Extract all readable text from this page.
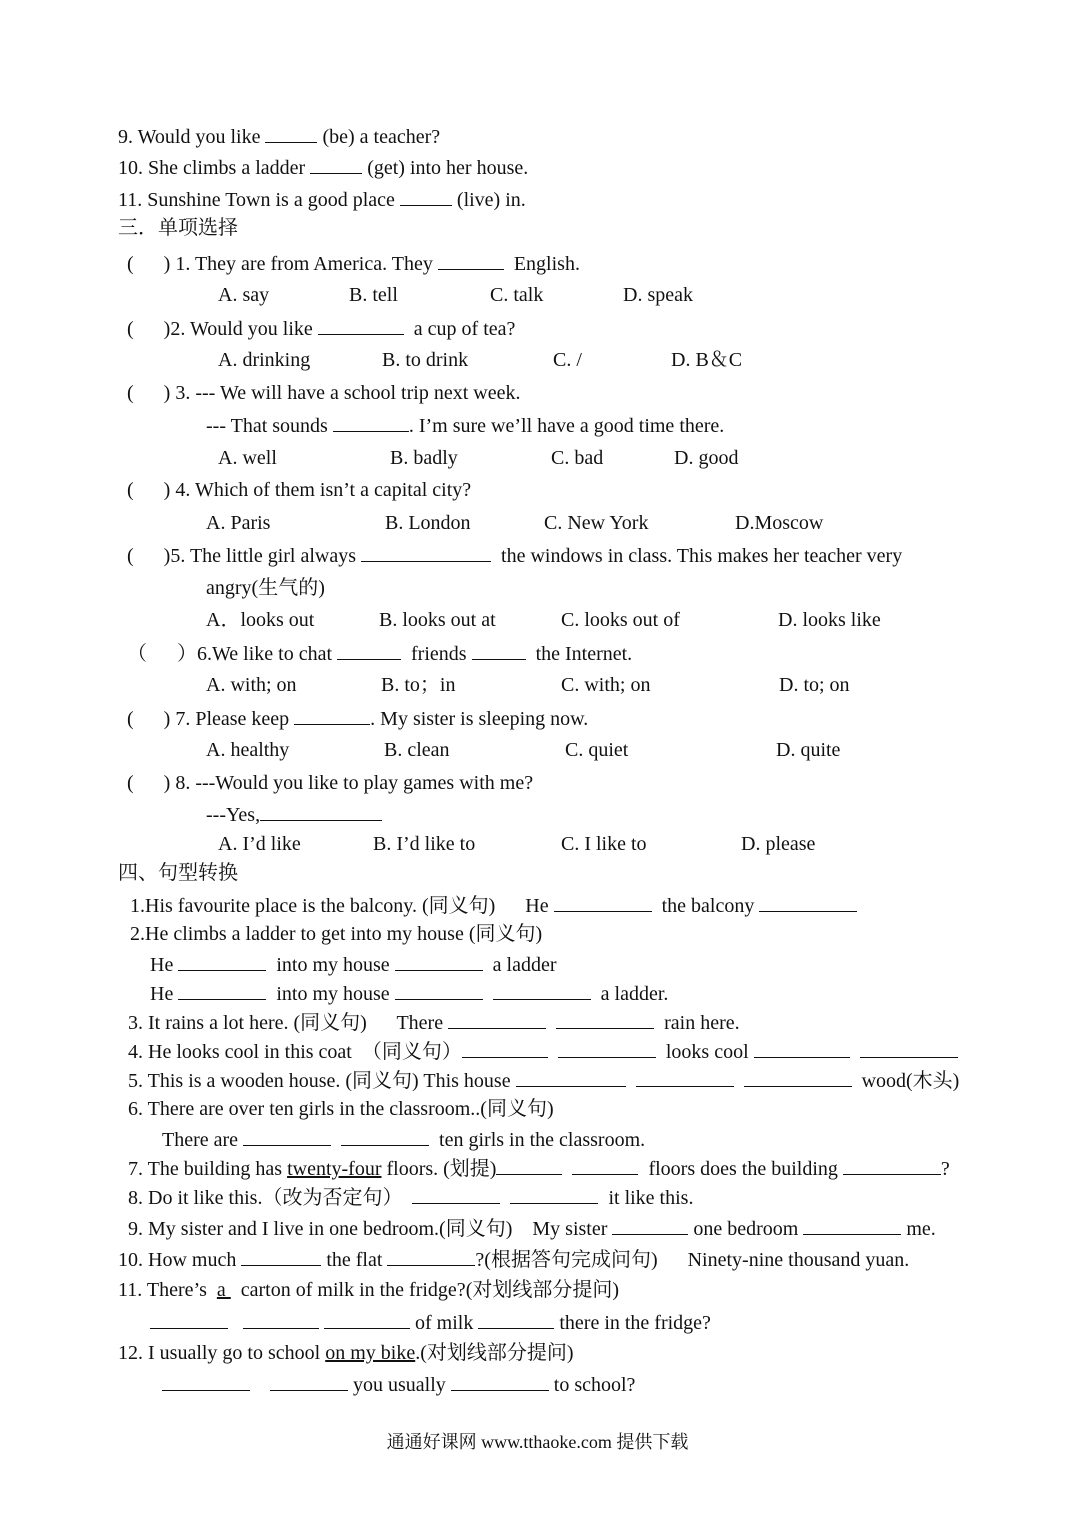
9. Would you like	(be) a teacher?
10. She climbs a ladder	(get) into her house.
11. Sunshine Town is a good place	(live) in.
三．单项选择
(      ) 1. They are from America. They	English.
A. say	B. tell	C. talk	D. speak
(      )2. Would you like	a cup of tea?
A. drinking	B. to drink	C. /	D. B＆C
(      ) 3. --- We will have a school trip next week.
--- That sounds	. I’m sure we’ll have a good time there.
A. well	B. badly	C. bad	D. good
(      ) 4. Which of them isn’t a capital city?
A. Paris	B. London	C. New York	D.Moscow
(      )5. The little girl always	the windows in class. This makes her teacher very
angry(生气的)
A．looks out	B. looks out at	C. looks out of	D. looks like
（      ）6.We like to chat	friends	the Internet.
A. with; on	B. to；in	C. with; on	D. to; on
(      ) 7. Please keep	. My sister is sleeping now.
A. healthy	B. clean	C. quiet	D. quite
(      ) 8. ---Would you like to play games with me?
---Yes,
A. I’d like	B. I’d like to	C. I like to	D. please
四、句型转换
1.His favourite place is the balcony. (同义句)      He	the balcony
2.He climbs a ladder to get into my house (同义句)
He	into my house	a ladder
He	into my house	a ladder.
3. It rains a lot here. (同义句)      There	rain here.
4. He looks cool in this coat  （同义句）	looks cool
5. This is a wooden house. (同义句) This house	wood(木头)
6. There are over ten girls in the classroom..(同义句)
There are	ten girls in the classroom.
7. The building has twenty-four floors. (划提)	floors does the building	?
8. Do it like this.（改为否定句）	it like this.
9. My sister and I live in one bedroom.(同义句)    My sister	one bedroom	me.
10. How much	the flat	?(根据答句完成问句)      Ninety-nine thousand yuan.
11. There’s  a   carton of milk in the fridge?(对划线部分提问)
of milk	there in the fridge?
12. I usually go to school on my bike.(对划线部分提问)
you usually	to school?
通通好课网 www.tthaoke.com 提供下载
